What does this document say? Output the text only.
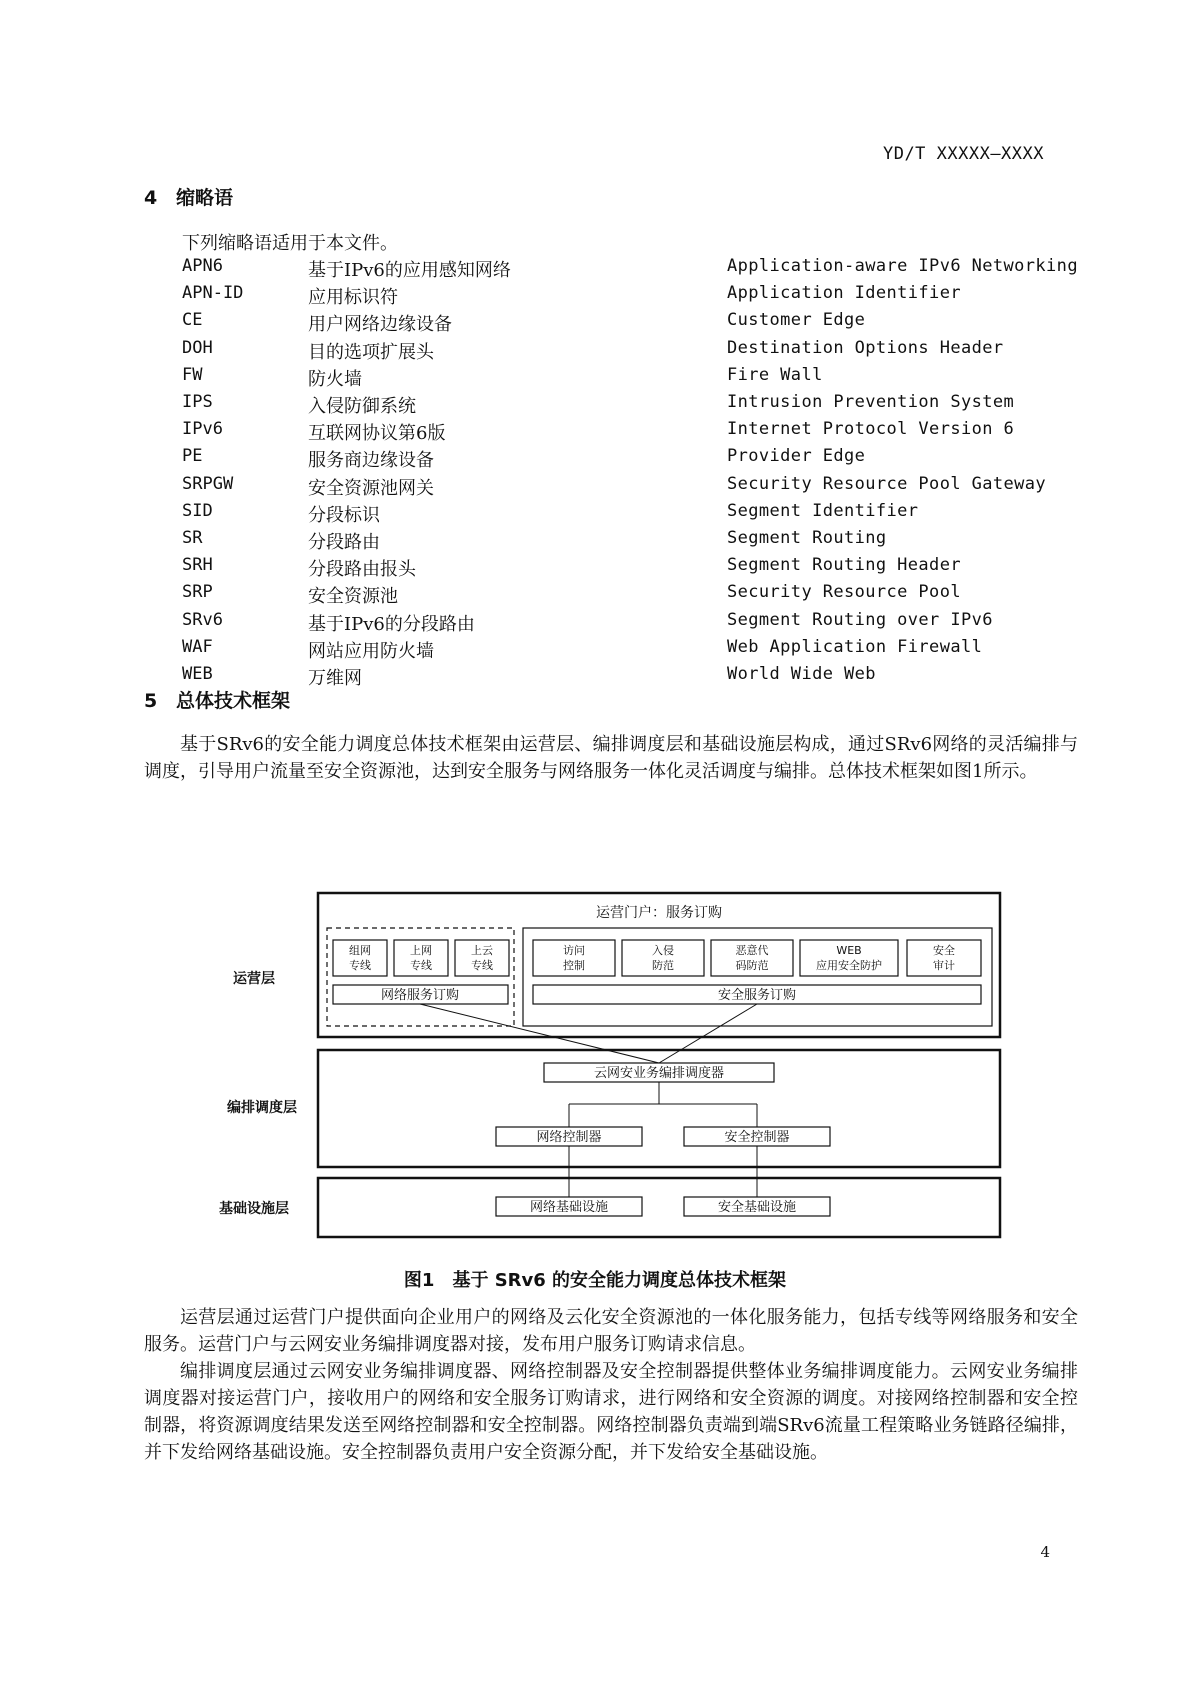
YD/T XXXXX—XXXX
4 缩略语
下列缩略语适用于本文件。
APN6	基于IPv6的应用感知网络	Application-aware IPv6 Networking
APN-ID	应用标识符	Application Identifier
CE	用户网络边缘设备	Customer Edge
DOH	目的选项扩展头	Destination Options Header
FW	防火墙	Fire Wall
IPS	入侵防御系统	Intrusion Prevention System
IPv6	互联网协议第6版	Internet Protocol Version 6
PE	服务商边缘设备	Provider Edge
SRPGW	安全资源池网关	Security Resource Pool Gateway
SID	分段标识	Segment Identifier
SR	分段路由	Segment Routing
SRH	分段路由报头	Segment Routing Header
SRP	安全资源池	Security Resource Pool
SRv6	基于IPv6的分段路由	Segment Routing over IPv6
WAF	网站应用防火墙	Web Application Firewall
WEB	万维网	World Wide Web
5 总体技术框架

基于SRv6的安全能力调度总体技术框架由运营层、编排调度层和基础设施层构成，通过SRv6网络的灵活编排与调度，引导用户流量至安全资源池，达到安全服务与网络服务一体化灵活调度与编排。总体技术框架如图1所示。

运营层
编排调度层
基础设施层
运营门户：服务订购
组网
专线
上网
专线
上云
专线
网络服务订购
访问
控制
入侵
防范
恶意代
码防范
WEB
应用安全防护
安全
审计
安全服务订购
云网安业务编排调度器
网络控制器	安全控制器
网络基础设施	安全基础设施
图1　基于 SRv6 的安全能力调度总体技术框架

运营层通过运营门户提供面向企业用户的网络及云化安全资源池的一体化服务能力，包括专线等网络服务和安全服务。运营门户与云网安业务编排调度器对接，发布用户服务订购请求信息。

编排调度层通过云网安业务编排调度器、网络控制器及安全控制器提供整体业务编排调度能力。云网安业务编排调度器对接运营门户，接收用户的网络和安全服务订购请求，进行网络和安全资源的调度。对接网络控制器和安全控制器，将资源调度结果发送至网络控制器和安全控制器。网络控制器负责端到端SRv6流量工程策略业务链路径编排，并下发给网络基础设施。安全控制器负责用户安全资源分配，并下发给安全基础设施。

4
